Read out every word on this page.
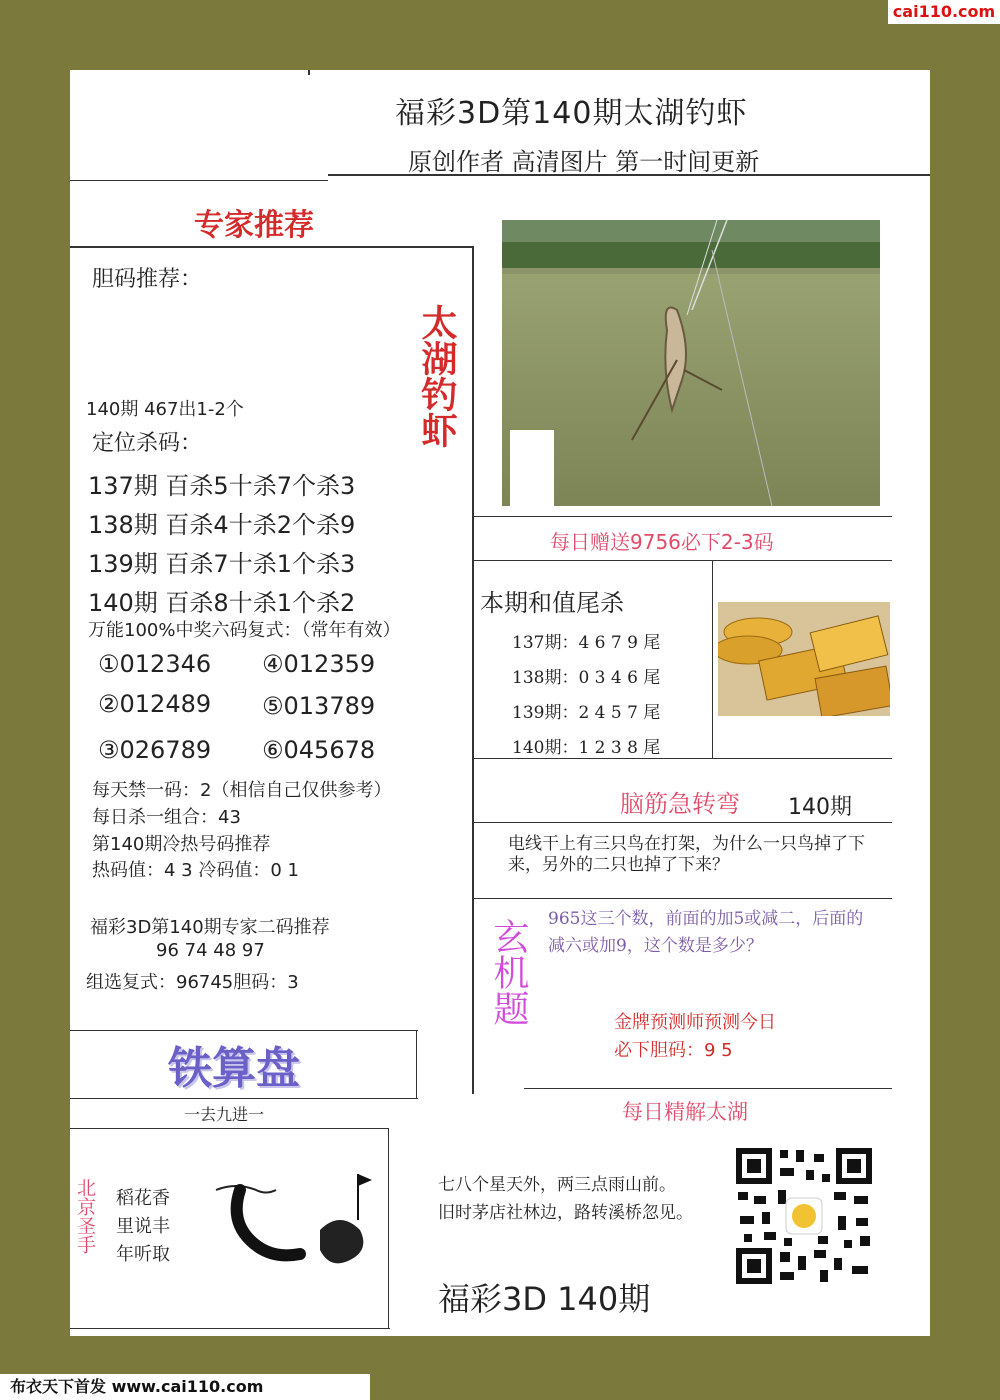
cai110.com
福彩3D第140期太湖钓虾
原创作者 高清图片 第一时间更新
专家推荐
胆码推荐：
140期 467出1-2个
定位杀码：
137期 百杀5十杀7个杀3
138期 百杀4十杀2个杀9
139期 百杀7十杀1个杀3
140期 百杀8十杀1个杀2
万能100%中奖六码复式：（常年有效）
①012346 ④012359
②012489 ⑤013789
③026789 ⑥045678
每天禁一码：2（相信自己仅供参考）
每日杀一组合：43
第140期冷热号码推荐
热码值：4 3 冷码值：0 1
福彩3D第140期专家二码推荐
96 74 48 97
组选复式：96745胆码：3
太湖钓虾
每日赠送9756必下2-3码
本期和值尾杀
137期：4 6 7 9 尾
138期：0 3 4 6 尾
139期：2 4 5 7 尾
140期：1 2 3 8 尾
脑筋急转弯 140期
电线干上有三只鸟在打架，为什么一只鸟掉了下来，另外的二只也掉了下来？
玄机题 965这三个数，前面的加5或减二，后面的减六或加9，这个数是多少？
金牌预测师预测今日
必下胆码：9 5
铁算盘
一去九进一
北京圣手 稻花香
里说丰
年听取
每日精解太湖
七八个星天外，两三点雨山前。
旧时茅店社林边，路转溪桥忽见。
福彩3D 140期
布衣天下首发 www.cai110.com
